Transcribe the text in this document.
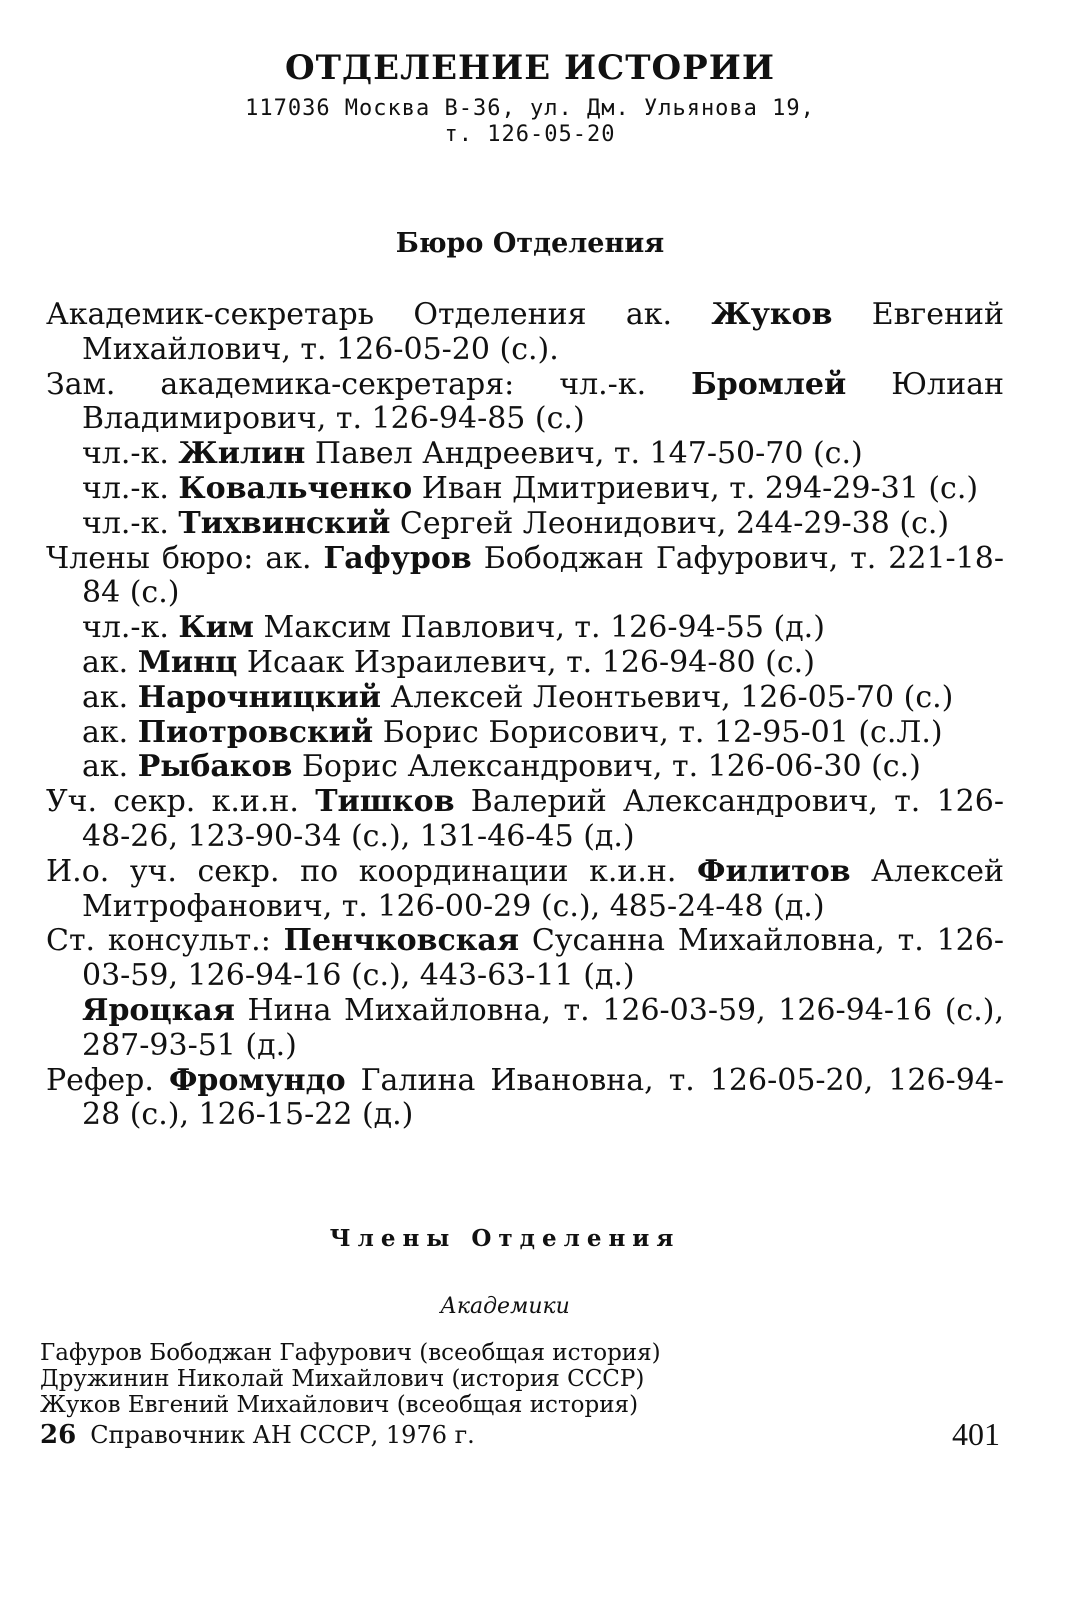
ОТДЕЛЕНИЕ ИСТОРИИ
117036 Москва В-36, ул. Дм. Ульянова 19,
т. 126-05-20
Бюро Отделения
Академик-секретарь Отделения ак. Жуков Евгений Михайлович, т. 126-05-20 (с.).
Зам. академика-секретаря: чл.-к. Бромлей Юлиан Владимирович, т. 126-94-85 (с.)
чл.-к. Жилин Павел Андреевич, т. 147-50-70 (с.)
чл.-к. Ковальченко Иван Дмитриевич, т. 294-29-31 (с.)
чл.-к. Тихвинский Сергей Леонидович, 244-29-38 (с.)
Члены бюро: ак. Гафуров Бободжан Гафурович, т. 221-18-84 (с.)
чл.-к. Ким Максим Павлович, т. 126-94-55 (д.)
ак. Минц Исаак Израилевич, т. 126-94-80 (с.)
ак. Нарочницкий Алексей Леонтьевич, 126-05-70 (с.)
ак. Пиотровский Борис Борисович, т. 12-95-01 (с.Л.)
ак. Рыбаков Борис Александрович, т. 126-06-30 (с.)
Уч. секр. к.и.н. Тишков Валерий Александрович, т. 126-48-26, 123-90-34 (с.), 131-46-45 (д.)
И.о. уч. секр. по координации к.и.н. Филитов Алексей Митрофанович, т. 126-00-29 (с.), 485-24-48 (д.)
Ст. консульт.: Пенчковская Сусанна Михайловна, т. 126-03-59, 126-94-16 (с.), 443-63-11 (д.)
Яроцкая Нина Михайловна, т. 126-03-59, 126-94-16 (с.), 287-93-51 (д.)
Рефер. Фромундо Галина Ивановна, т. 126-05-20, 126-94-28 (с.), 126-15-22 (д.)
Члены Отделения
Академики
Гафуров Бободжан Гафурович (всеобщая история)
Дружинин Николай Михайлович (история СССР)
Жуков Евгений Михайлович (всеобщая история)
26 Справочник АН СССР, 1976 г.	401
